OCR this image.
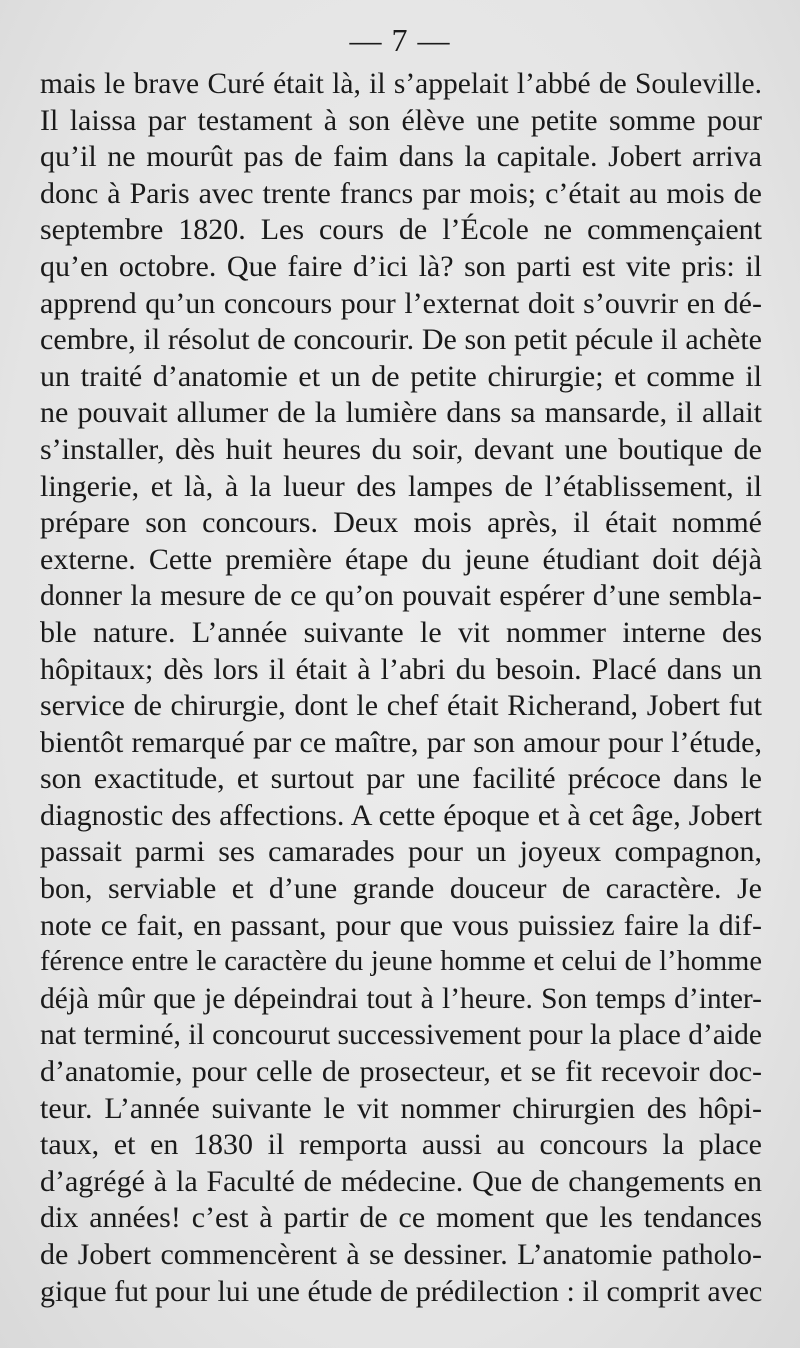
— 7 —
mais le brave Curé était là, il s’appelait l’abbé de Souleville.
Il laissa par testament à son élève une petite somme pour
qu’il ne mourût pas de faim dans la capitale. Jobert arriva
donc à Paris avec trente francs par mois; c’était au mois de
septembre 1820. Les cours de l’École ne commençaient
qu’en octobre. Que faire d’ici là? son parti est vite pris: il
apprend qu’un concours pour l’externat doit s’ouvrir en dé-
cembre, il résolut de concourir. De son petit pécule il achète
un traité d’anatomie et un de petite chirurgie; et comme il
ne pouvait allumer de la lumière dans sa mansarde, il allait
s’installer, dès huit heures du soir, devant une boutique de
lingerie, et là, à la lueur des lampes de l’établissement, il
prépare son concours. Deux mois après, il était nommé
externe. Cette première étape du jeune étudiant doit déjà
donner la mesure de ce qu’on pouvait espérer d’une sembla-
ble nature. L’année suivante le vit nommer interne des
hôpitaux; dès lors il était à l’abri du besoin. Placé dans un
service de chirurgie, dont le chef était Richerand, Jobert fut
bientôt remarqué par ce maître, par son amour pour l’étude,
son exactitude, et surtout par une facilité précoce dans le
diagnostic des affections. A cette époque et à cet âge, Jobert
passait parmi ses camarades pour un joyeux compagnon,
bon, serviable et d’une grande douceur de caractère. Je
note ce fait, en passant, pour que vous puissiez faire la dif-
férence entre le caractère du jeune homme et celui de l’homme
déjà mûr que je dépeindrai tout à l’heure. Son temps d’inter-
nat terminé, il concourut successivement pour la place d’aide
d’anatomie, pour celle de prosecteur, et se fit recevoir doc-
teur. L’année suivante le vit nommer chirurgien des hôpi-
taux, et en 1830 il remporta aussi au concours la place
d’agrégé à la Faculté de médecine. Que de changements en
dix années! c’est à partir de ce moment que les tendances
de Jobert commencèrent à se dessiner. L’anatomie patholo-
gique fut pour lui une étude de prédilection : il comprit avec
